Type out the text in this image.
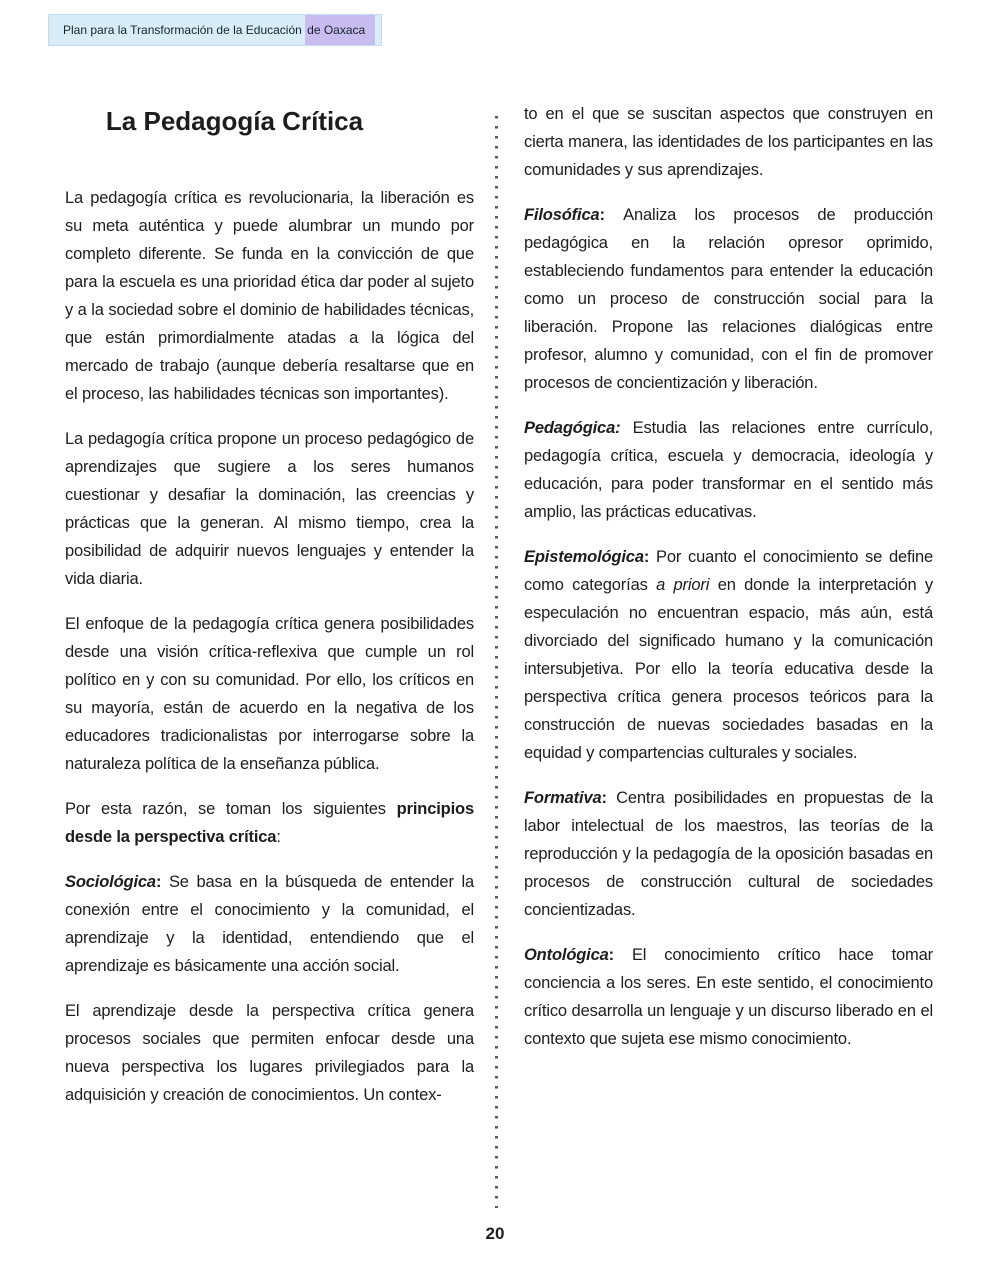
Plan para la Transformación de la Educación de Oaxaca
La Pedagogía Crítica

La pedagogía crítica es revolucionaria, la liberación es su meta auténtica y puede alumbrar un mundo por completo diferente. Se funda en la convicción de que para la escuela es una prioridad ética dar poder al sujeto y a la sociedad sobre el dominio de habilidades técnicas, que están primordialmente atadas a la lógica del mercado de trabajo (aunque debería resaltarse que en el proceso, las habilidades técnicas son importantes).

La pedagogía crítica propone un proceso pedagógico de aprendizajes que sugiere a los seres humanos cuestionar y desafiar la dominación, las creencias y prácticas que la generan. Al mismo tiempo, crea la posibilidad de adquirir nuevos lenguajes y entender la vida diaria.

El enfoque de la pedagogía crítica genera posibilidades desde una visión crítica-reflexiva que cumple un rol político en y con su comunidad. Por ello, los críticos en su mayoría, están de acuerdo en la negativa de los educadores tradicionalistas por interrogarse sobre la naturaleza política de la enseñanza pública.

Por esta razón, se toman los siguientes principios desde la perspectiva crítica:

Sociológica: Se basa en la búsqueda de entender la conexión entre el conocimiento y la comunidad, el aprendizaje y la identidad, entendiendo que el aprendizaje es básicamente una acción social.

El aprendizaje desde la perspectiva crítica genera procesos sociales que permiten enfocar desde una nueva perspectiva los lugares privilegiados para la adquisición y creación de conocimientos. Un contex-

to en el que se suscitan aspectos que construyen en cierta manera, las identidades de los participantes en las comunidades y sus aprendizajes.

Filosófica: Analiza los procesos de producción pedagógica en la relación opresor oprimido, estableciendo fundamentos para entender la educación como un proceso de construcción social para la liberación. Propone las relaciones dialógicas entre profesor, alumno y comunidad, con el fin de promover procesos de concientización y liberación.

Pedagógica: Estudia las relaciones entre currículo, pedagogía crítica, escuela y democracia, ideología y educación, para poder transformar en el sentido más amplio, las prácticas educativas.

Epistemológica: Por cuanto el conocimiento se define como categorías a priori en donde la interpretación y especulación no encuentran espacio, más aún, está divorciado del significado humano y la comunicación intersubjetiva. Por ello la teoría educativa desde la perspectiva crítica genera procesos teóricos para la construcción de nuevas sociedades basadas en la equidad y compartencias culturales y sociales.

Formativa: Centra posibilidades en propuestas de la labor intelectual de los maestros, las teorías de la reproducción y la pedagogía de la oposición basadas en procesos de construcción cultural de sociedades concientizadas.

Ontológica: El conocimiento crítico hace tomar conciencia a los seres. En este sentido, el conocimiento crítico desarrolla un lenguaje y un discurso liberado en el contexto que sujeta ese mismo conocimiento.

20
